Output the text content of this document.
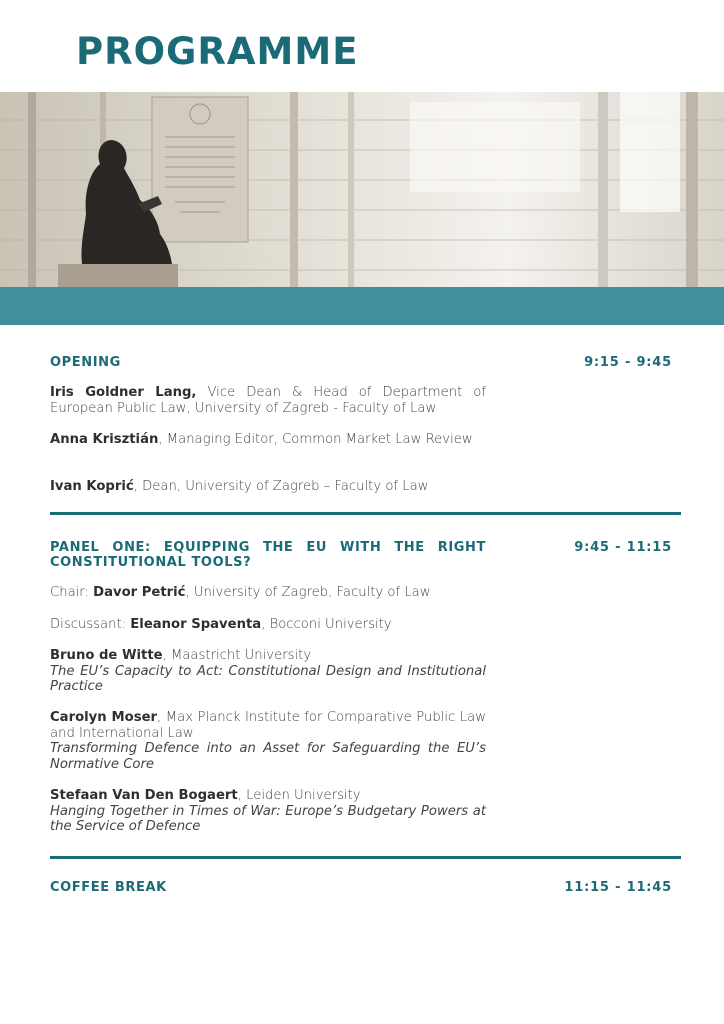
PROGRAMME
OPENING	9:15 - 9:45
Iris Goldner Lang, Vice Dean & Head of Department of European Public Law, University of Zagreb - Faculty of Law
Anna Krisztián, Managing Editor, Common Market Law Review
Ivan Koprić, Dean, University of Zagreb – Faculty of Law
PANEL ONE: EQUIPPING THE EU WITH THE RIGHT CONSTITUTIONAL TOOLS?
9:45 - 11:15
Chair: Davor Petrić, University of Zagreb, Faculty of Law
Discussant: Eleanor Spaventa, Bocconi University
Bruno de Witte, Maastricht University
The EU’s Capacity to Act: Constitutional Design and Institutional Practice
Carolyn Moser, Max Planck Institute for Comparative Public Law and International Law
Transforming Defence into an Asset for Safeguarding the EU’s Normative Core
Stefaan Van Den Bogaert, Leiden University
Hanging Together in Times of War: Europe’s Budgetary Powers at the Service of Defence
COFFEE BREAK	11:15 - 11:45
